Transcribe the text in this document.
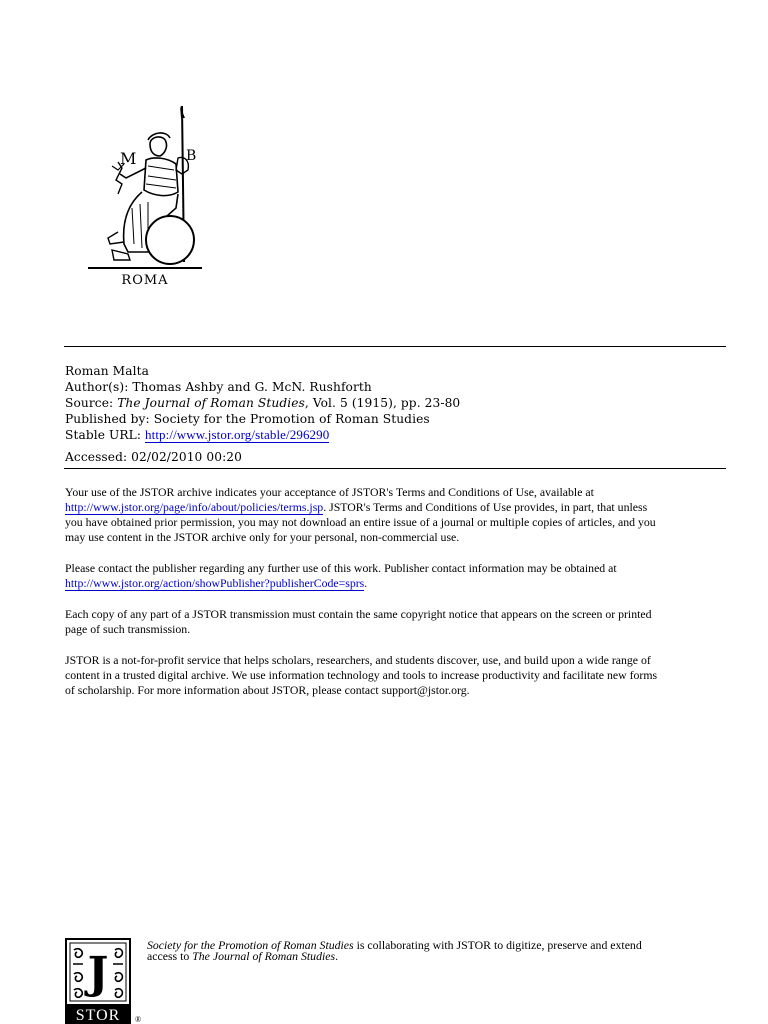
M	B
ROMA
Roman Malta
Author(s): Thomas Ashby and G. McN. Rushforth
Source: The Journal of Roman Studies, Vol. 5 (1915), pp. 23-80
Published by: Society for the Promotion of Roman Studies
Stable URL: http://www.jstor.org/stable/296290
Accessed: 02/02/2010 00:20

Your use of the JSTOR archive indicates your acceptance of JSTOR's Terms and Conditions of Use, available at
http://www.jstor.org/page/info/about/policies/terms.jsp. JSTOR's Terms and Conditions of Use provides, in part, that unless
you have obtained prior permission, you may not download an entire issue of a journal or multiple copies of articles, and you
may use content in the JSTOR archive only for your personal, non-commercial use.

Please contact the publisher regarding any further use of this work. Publisher contact information may be obtained at
http://www.jstor.org/action/showPublisher?publisherCode=sprs.

Each copy of any part of a JSTOR transmission must contain the same copyright notice that appears on the screen or printed
page of such transmission.

JSTOR is a not-for-profit service that helps scholars, researchers, and students discover, use, and build upon a wide range of
content in a trusted digital archive. We use information technology and tools to increase productivity and facilitate new forms
of scholarship. For more information about JSTOR, please contact support@jstor.org.

J
STOR ®
Society for the Promotion of Roman Studies is collaborating with JSTOR to digitize, preserve and extend
access to The Journal of Roman Studies.
